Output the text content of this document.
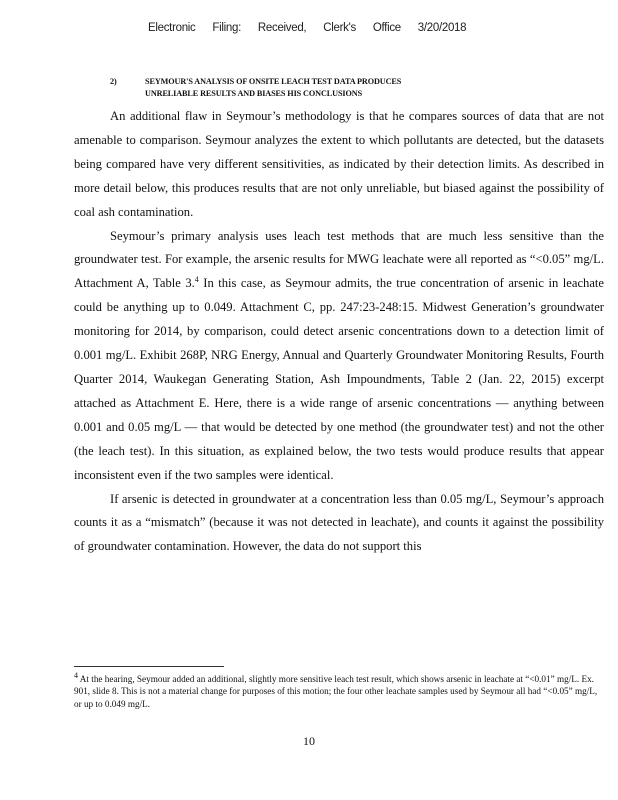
Electronic Filing: Received, Clerk's Office 3/20/2018
2)	SEYMOUR'S ANALYSIS OF ONSITE LEACH TEST DATA PRODUCES
UNRELIABLE RESULTS AND BIASES HIS CONCLUSIONS

An additional flaw in Seymour’s methodology is that he compares sources of data that are not amenable to comparison. Seymour analyzes the extent to which pollutants are detected, but the datasets being compared have very different sensitivities, as indicated by their detection limits. As described in more detail below, this produces results that are not only unreliable, but biased against the possibility of coal ash contamination.

Seymour’s primary analysis uses leach test methods that are much less sensitive than the groundwater test. For example, the arsenic results for MWG leachate were all reported as “<0.05” mg/L. Attachment A, Table 3.$^4$ In this case, as Seymour admits, the true concentration of arsenic in leachate could be anything up to 0.049. Attachment C, pp. 247:23-248:15. Midwest Generation’s groundwater monitoring for 2014, by comparison, could detect arsenic concentrations down to a detection limit of 0.001 mg/L. Exhibit 268P, NRG Energy, Annual and Quarterly Groundwater Monitoring Results, Fourth Quarter 2014, Waukegan Generating Station, Ash Impoundments, Table 2 (Jan. 22, 2015) excerpt attached as Attachment E. Here, there is a wide range of arsenic concentrations — anything between 0.001 and 0.05 mg/L — that would be detected by one method (the groundwater test) and not the other (the leach test). In this situation, as explained below, the two tests would produce results that appear inconsistent even if the two samples were identical.

If arsenic is detected in groundwater at a concentration less than 0.05 mg/L, Seymour’s approach counts it as a “mismatch” (because it was not detected in leachate), and counts it against the possibility of groundwater contamination. However, the data do not support this

$^4$ At the hearing, Seymour added an additional, slightly more sensitive leach test result, which shows arsenic in leachate at “<0.01” mg/L. Ex. 901, slide 8. This is not a material change for purposes of this motion; the four other leachate samples used by Seymour all had “<0.05” mg/L, or up to 0.049 mg/L.
10
